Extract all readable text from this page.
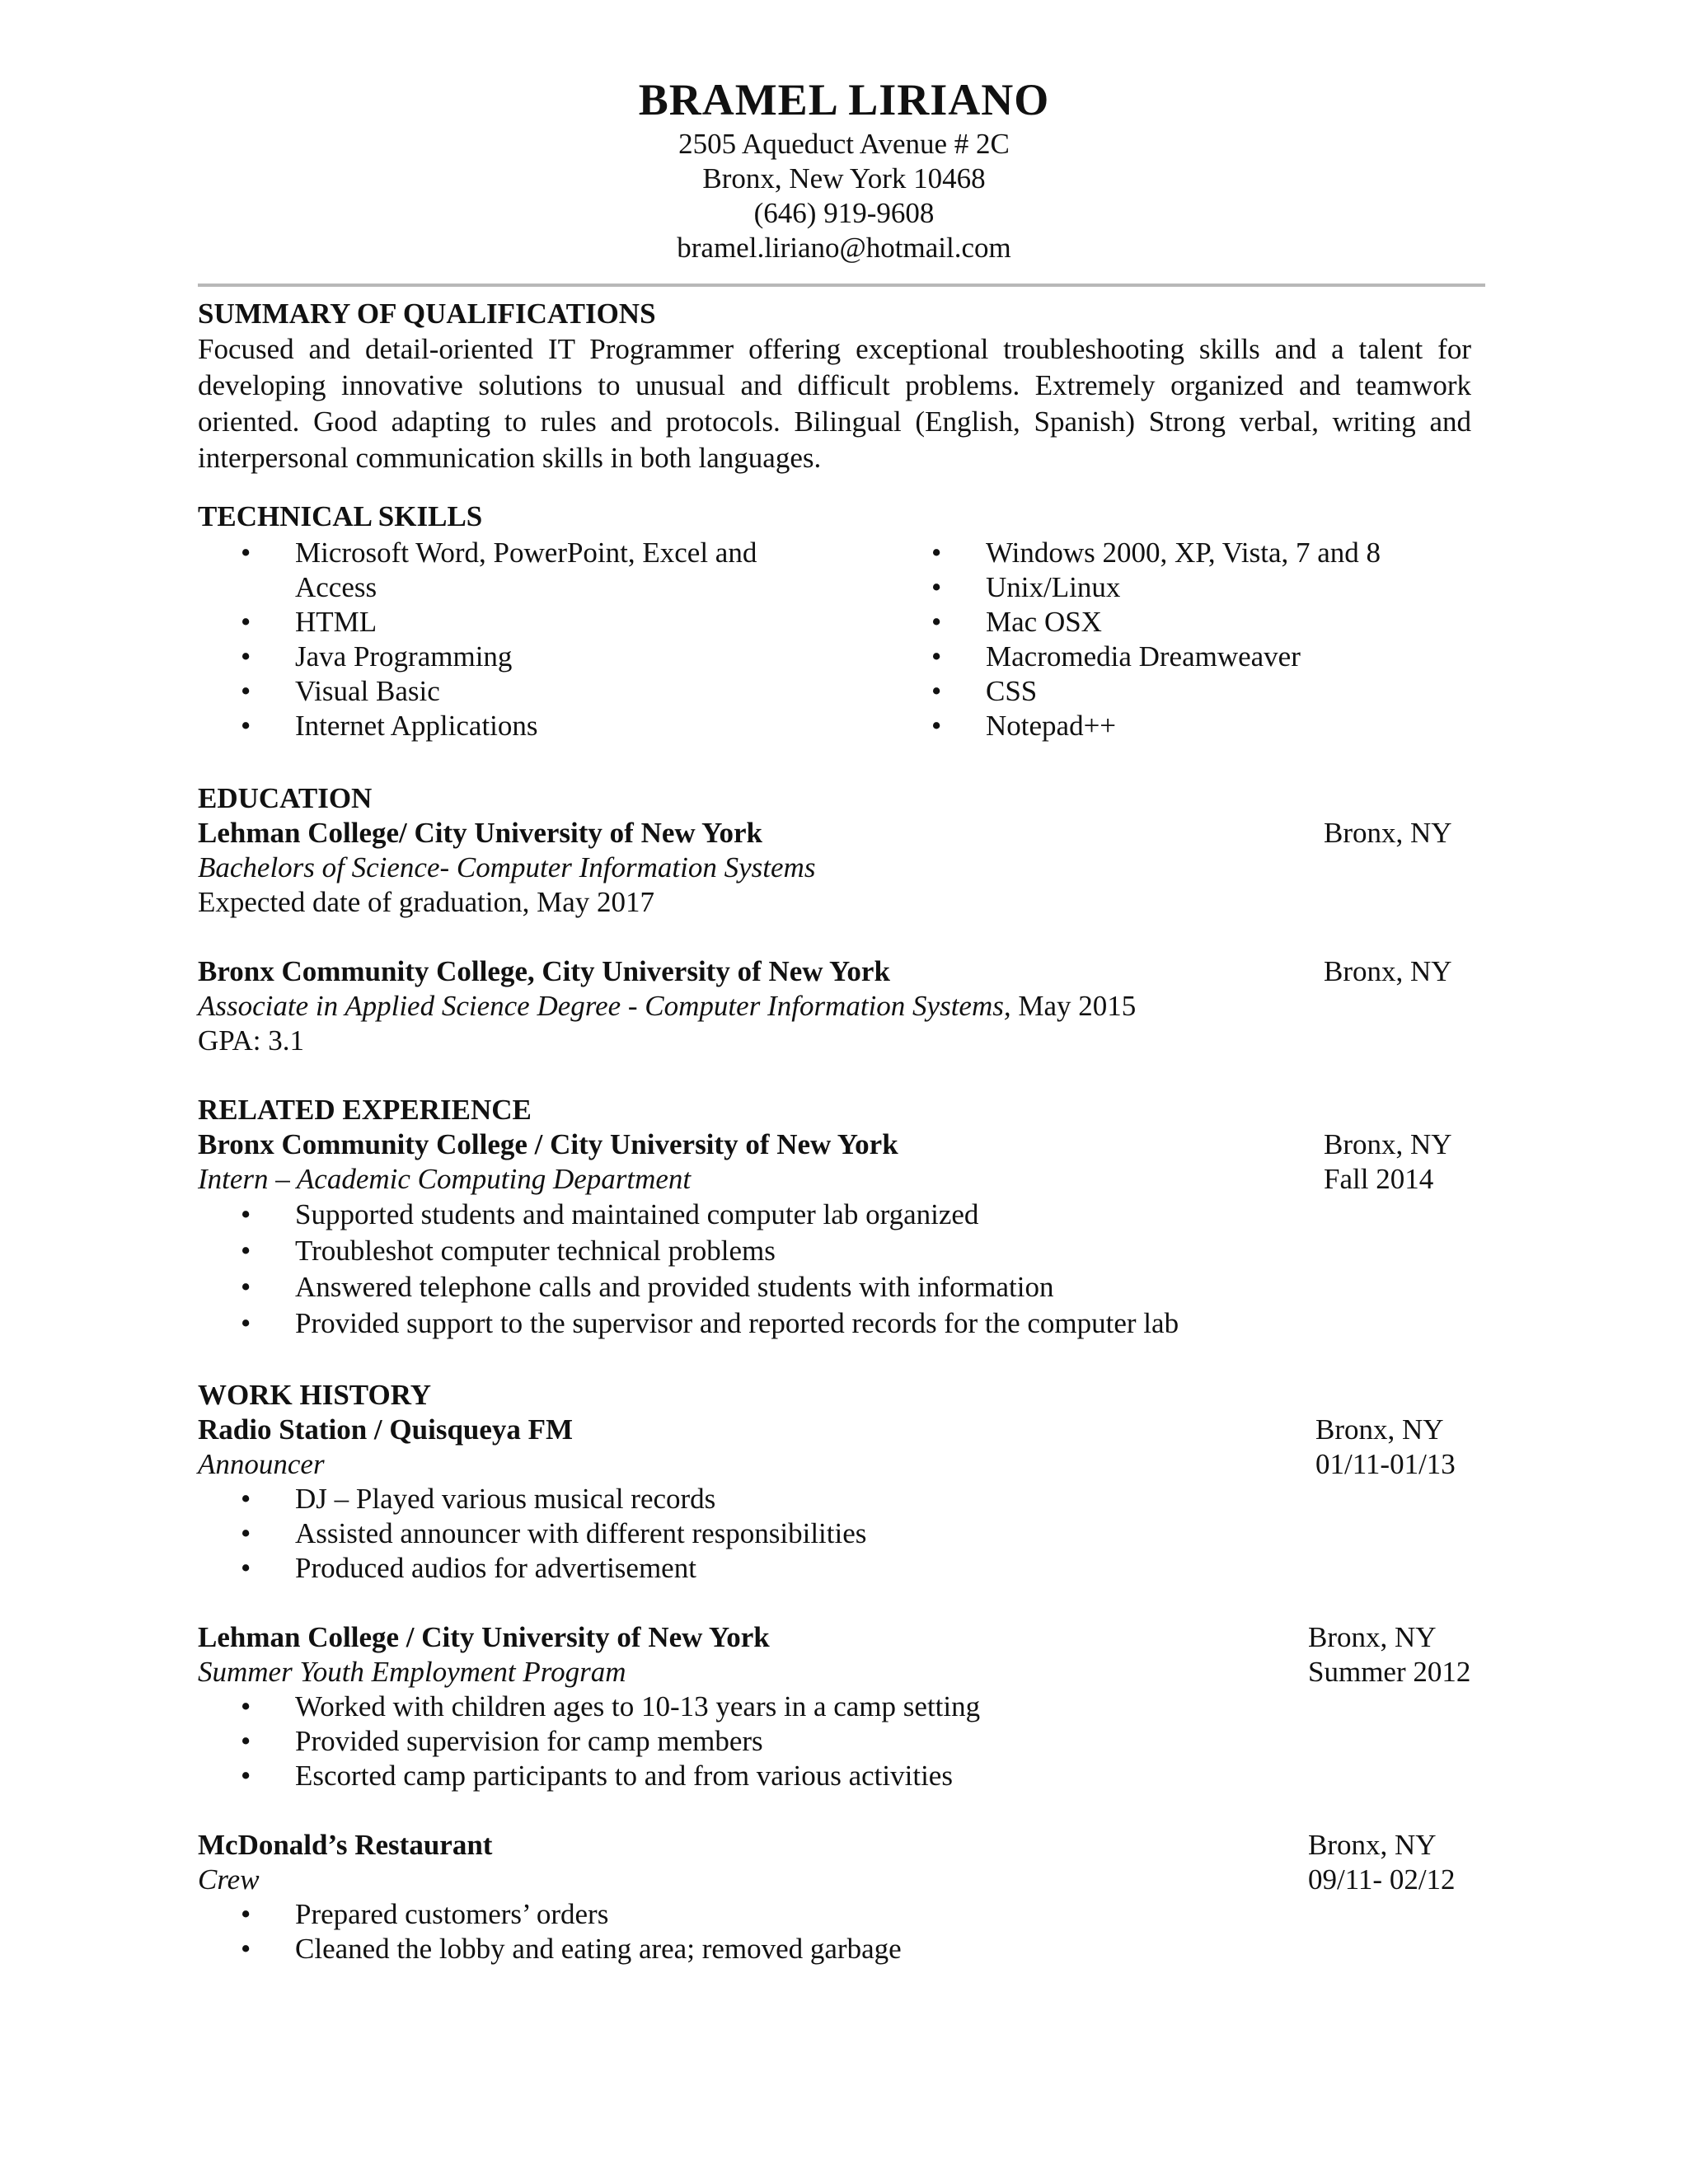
BRAMEL LIRIANO
2505 Aqueduct Avenue # 2C
Bronx, New York 10468
(646) 919-9608
bramel.liriano@hotmail.com
SUMMARY OF QUALIFICATIONS
Focused and detail-oriented IT Programmer offering exceptional troubleshooting skills and a talent for developing innovative solutions to unusual and difficult problems. Extremely organized and teamwork oriented. Good adapting to rules and protocols. Bilingual (English, Spanish) Strong verbal, writing and interpersonal communication skills in both languages.
TECHNICAL SKILLS
• Microsoft Word, PowerPoint, Excel and Access
• HTML
• Java Programming
• Visual Basic
• Internet Applications
• Windows 2000, XP, Vista, 7 and 8
• Unix/Linux
• Mac OSX
• Macromedia Dreamweaver
• CSS
• Notepad++
EDUCATION
Lehman College/ City University of New York	Bronx, NY
Bachelors of Science- Computer Information Systems
Expected date of graduation, May 2017
Bronx Community College, City University of New York	Bronx, NY
Associate in Applied Science Degree - Computer Information Systems, May 2015
GPA: 3.1
RELATED EXPERIENCE
Bronx Community College / City University of New York	Bronx, NY
Intern – Academic Computing Department	Fall 2014
• Supported students and maintained computer lab organized
• Troubleshot computer technical problems
• Answered telephone calls and provided students with information
• Provided support to the supervisor and reported records for the computer lab
WORK HISTORY
Radio Station / Quisqueya FM	Bronx, NY
Announcer	01/11-01/13
• DJ – Played various musical records
• Assisted announcer with different responsibilities
• Produced audios for advertisement
Lehman College / City University of New York	Bronx, NY
Summer Youth Employment Program	Summer 2012
• Worked with children ages to 10-13 years in a camp setting
• Provided supervision for camp members
• Escorted camp participants to and from various activities
McDonald’s Restaurant	Bronx, NY
Crew	09/11- 02/12
• Prepared customers’ orders
• Cleaned the lobby and eating area; removed garbage
